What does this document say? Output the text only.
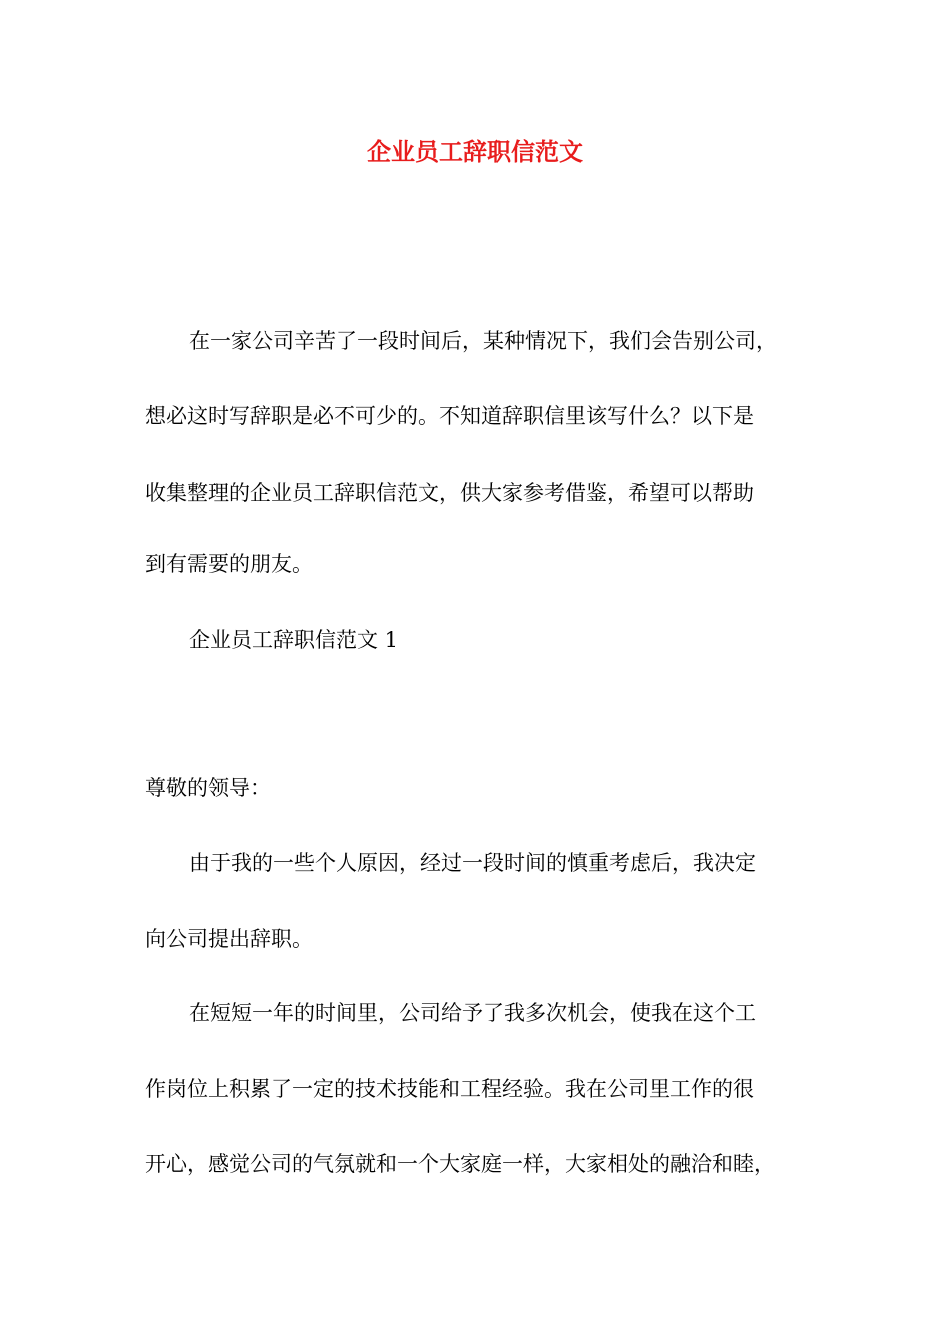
企业员工辞职信范文

在一家公司辛苦了一段时间后，某种情况下，我们会告别公司，

想必这时写辞职是必不可少的。不知道辞职信里该写什么？以下是

收集整理的企业员工辞职信范文，供大家参考借鉴，希望可以帮助

到有需要的朋友。

企业员工辞职信范文 1

尊敬的领导：

由于我的一些个人原因，经过一段时间的慎重考虑后，我决定

向公司提出辞职。

在短短一年的时间里，公司给予了我多次机会，使我在这个工

作岗位上积累了一定的技术技能和工程经验。我在公司里工作的很

开心，感觉公司的气氛就和一个大家庭一样，大家相处的融洽和睦，
